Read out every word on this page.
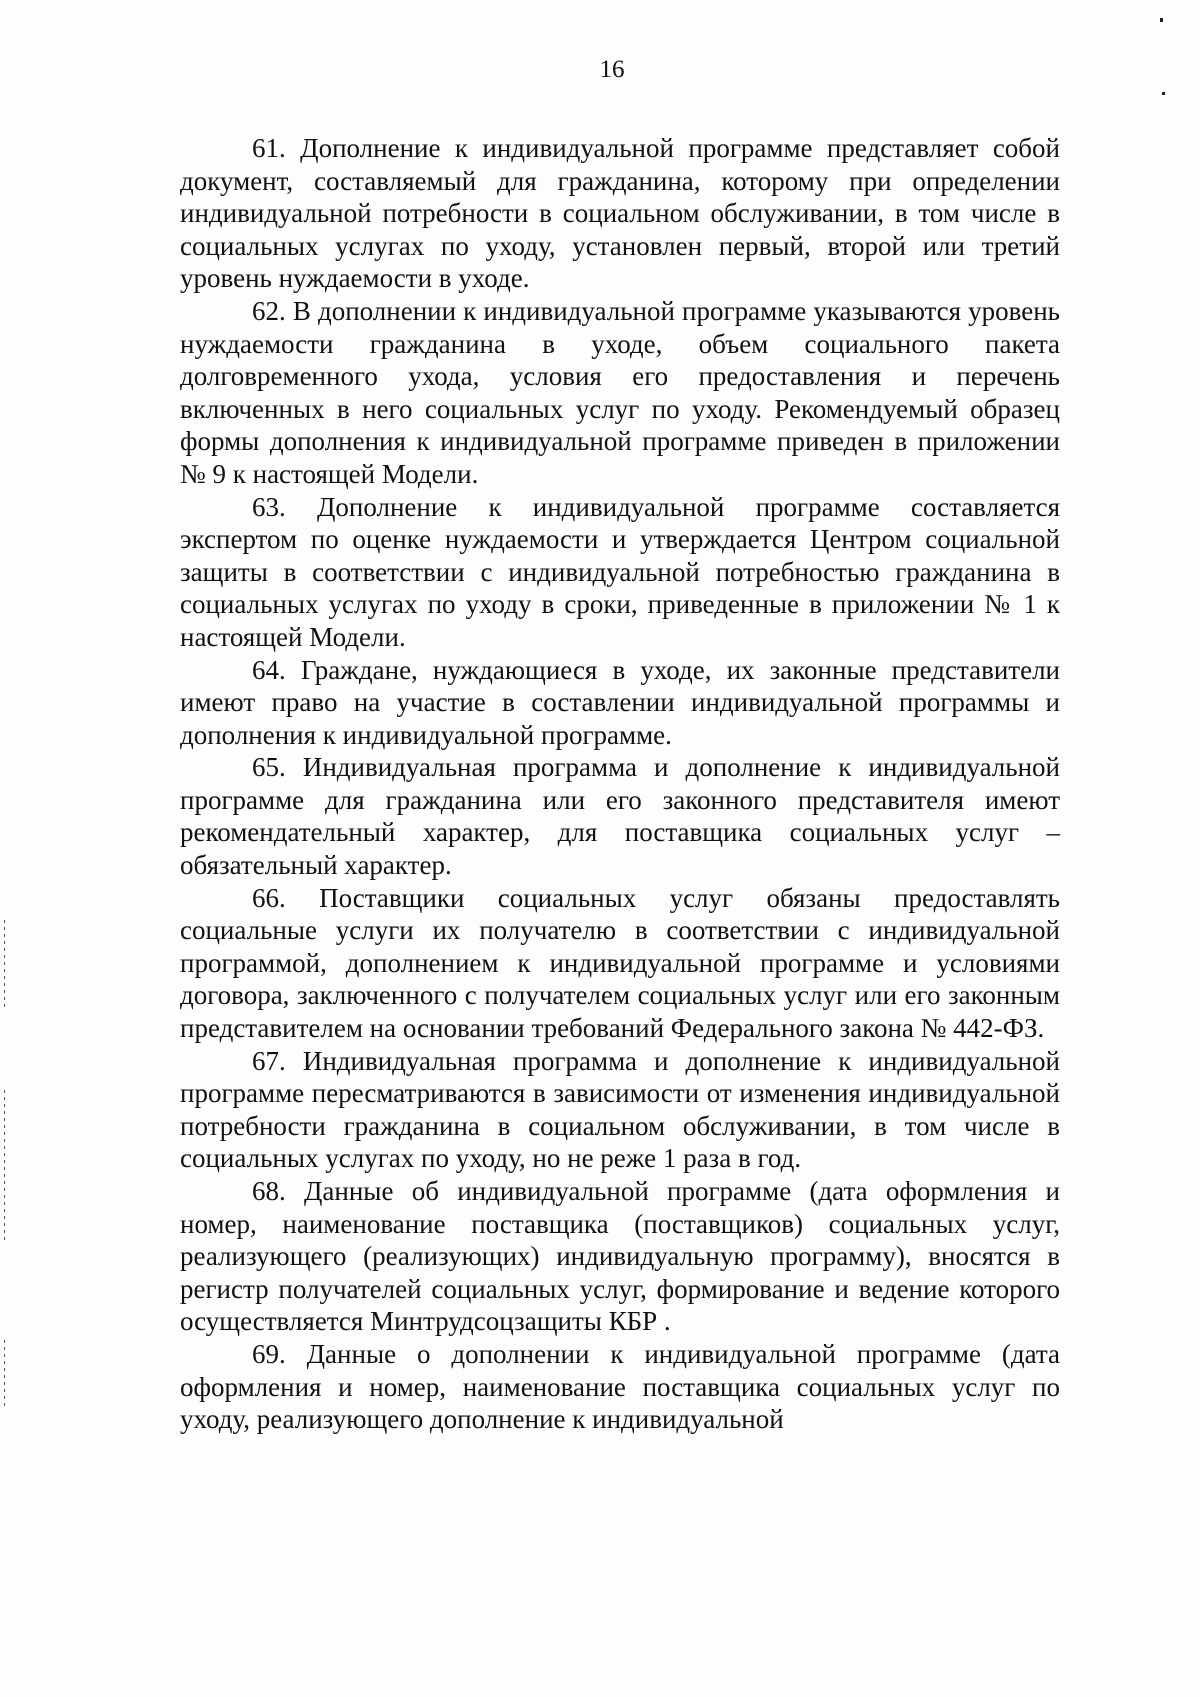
16

61. Дополнение к индивидуальной программе представляет собой документ, составляемый для гражданина, которому при определении индивидуальной потребности в социальном обслуживании, в том числе в социальных услугах по уходу, установлен первый, второй или третий уровень нуждаемости в уходе.

62. В дополнении к индивидуальной программе указываются уровень нуждаемости гражданина в уходе, объем социального пакета долговременного ухода, условия его предоставления и перечень включенных в него социальных услуг по уходу. Рекомендуемый образец формы дополнения к индивидуальной программе приведен в приложении № 9 к настоящей Модели.

63. Дополнение к индивидуальной программе составляется экспертом по оценке нуждаемости и утверждается Центром социальной защиты в соответствии с индивидуальной потребностью гражданина в социальных услугах по уходу в сроки, приведенные в приложении № 1 к настоящей Модели.

64. Граждане, нуждающиеся в уходе, их законные представители имеют право на участие в составлении индивидуальной программы и дополнения к индивидуальной программе.

65. Индивидуальная программа и дополнение к индивидуальной программе для гражданина или его законного представителя имеют рекомендательный характер, для поставщика социальных услуг – обязательный характер.

66. Поставщики социальных услуг обязаны предоставлять социальные услуги их получателю в соответствии с индивидуальной программой, дополнением к индивидуальной программе и условиями договора, заключенного с получателем социальных услуг или его законным представителем на основании требований Федерального закона № 442-ФЗ.

67. Индивидуальная программа и дополнение к индивидуальной программе пересматриваются в зависимости от изменения индивидуальной потребности гражданина в социальном обслуживании, в том числе в социальных услугах по уходу, но не реже 1 раза в год.

68. Данные об индивидуальной программе (дата оформления и номер, наименование поставщика (поставщиков) социальных услуг, реализующего (реализующих) индивидуальную программу), вносятся в регистр получателей социальных услуг, формирование и ведение которого осуществляется Минтрудсоцзащиты КБР .

69. Данные о дополнении к индивидуальной программе (дата оформления и номер, наименование поставщика социальных услуг по уходу, реализующего дополнение к индивидуальной
